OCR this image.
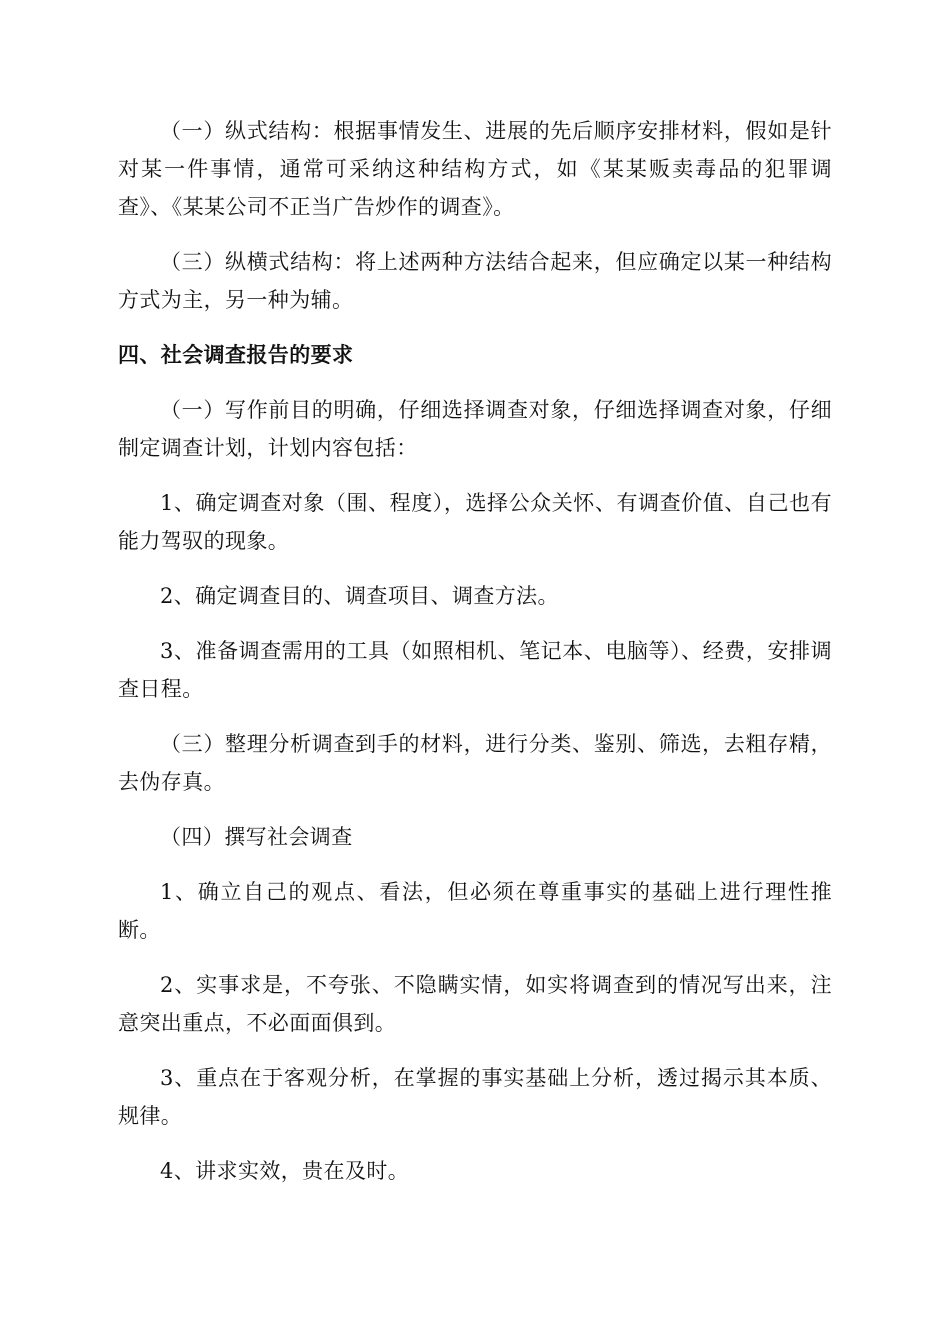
（一）纵式结构：根据事情发生、进展的先后顺序安排材料，假如是针对某一件事情，通常可采纳这种结构方式，如《某某贩卖毒品的犯罪调查》、《某某公司不正当广告炒作的调查》。

（三）纵横式结构：将上述两种方法结合起来，但应确定以某一种结构方式为主，另一种为辅。

四、社会调查报告的要求

（一）写作前目的明确，仔细选择调查对象，仔细选择调查对象，仔细制定调查计划，计划内容包括：

1、确定调查对象（围、程度），选择公众关怀、有调查价值、自己也有能力驾驭的现象。

2、确定调查目的、调查项目、调查方法。

3、准备调查需用的工具（如照相机、笔记本、电脑等）、经费，安排调查日程。

（三）整理分析调查到手的材料，进行分类、鉴别、筛选，去粗存精，去伪存真。

（四）撰写社会调查

1、确立自己的观点、看法，但必须在尊重事实的基础上进行理性推断。

2、实事求是，不夸张、不隐瞒实情，如实将调查到的情况写出来，注意突出重点，不必面面俱到。

3、重点在于客观分析，在掌握的事实基础上分析，透过揭示其本质、规律。

4、讲求实效，贵在及时。
